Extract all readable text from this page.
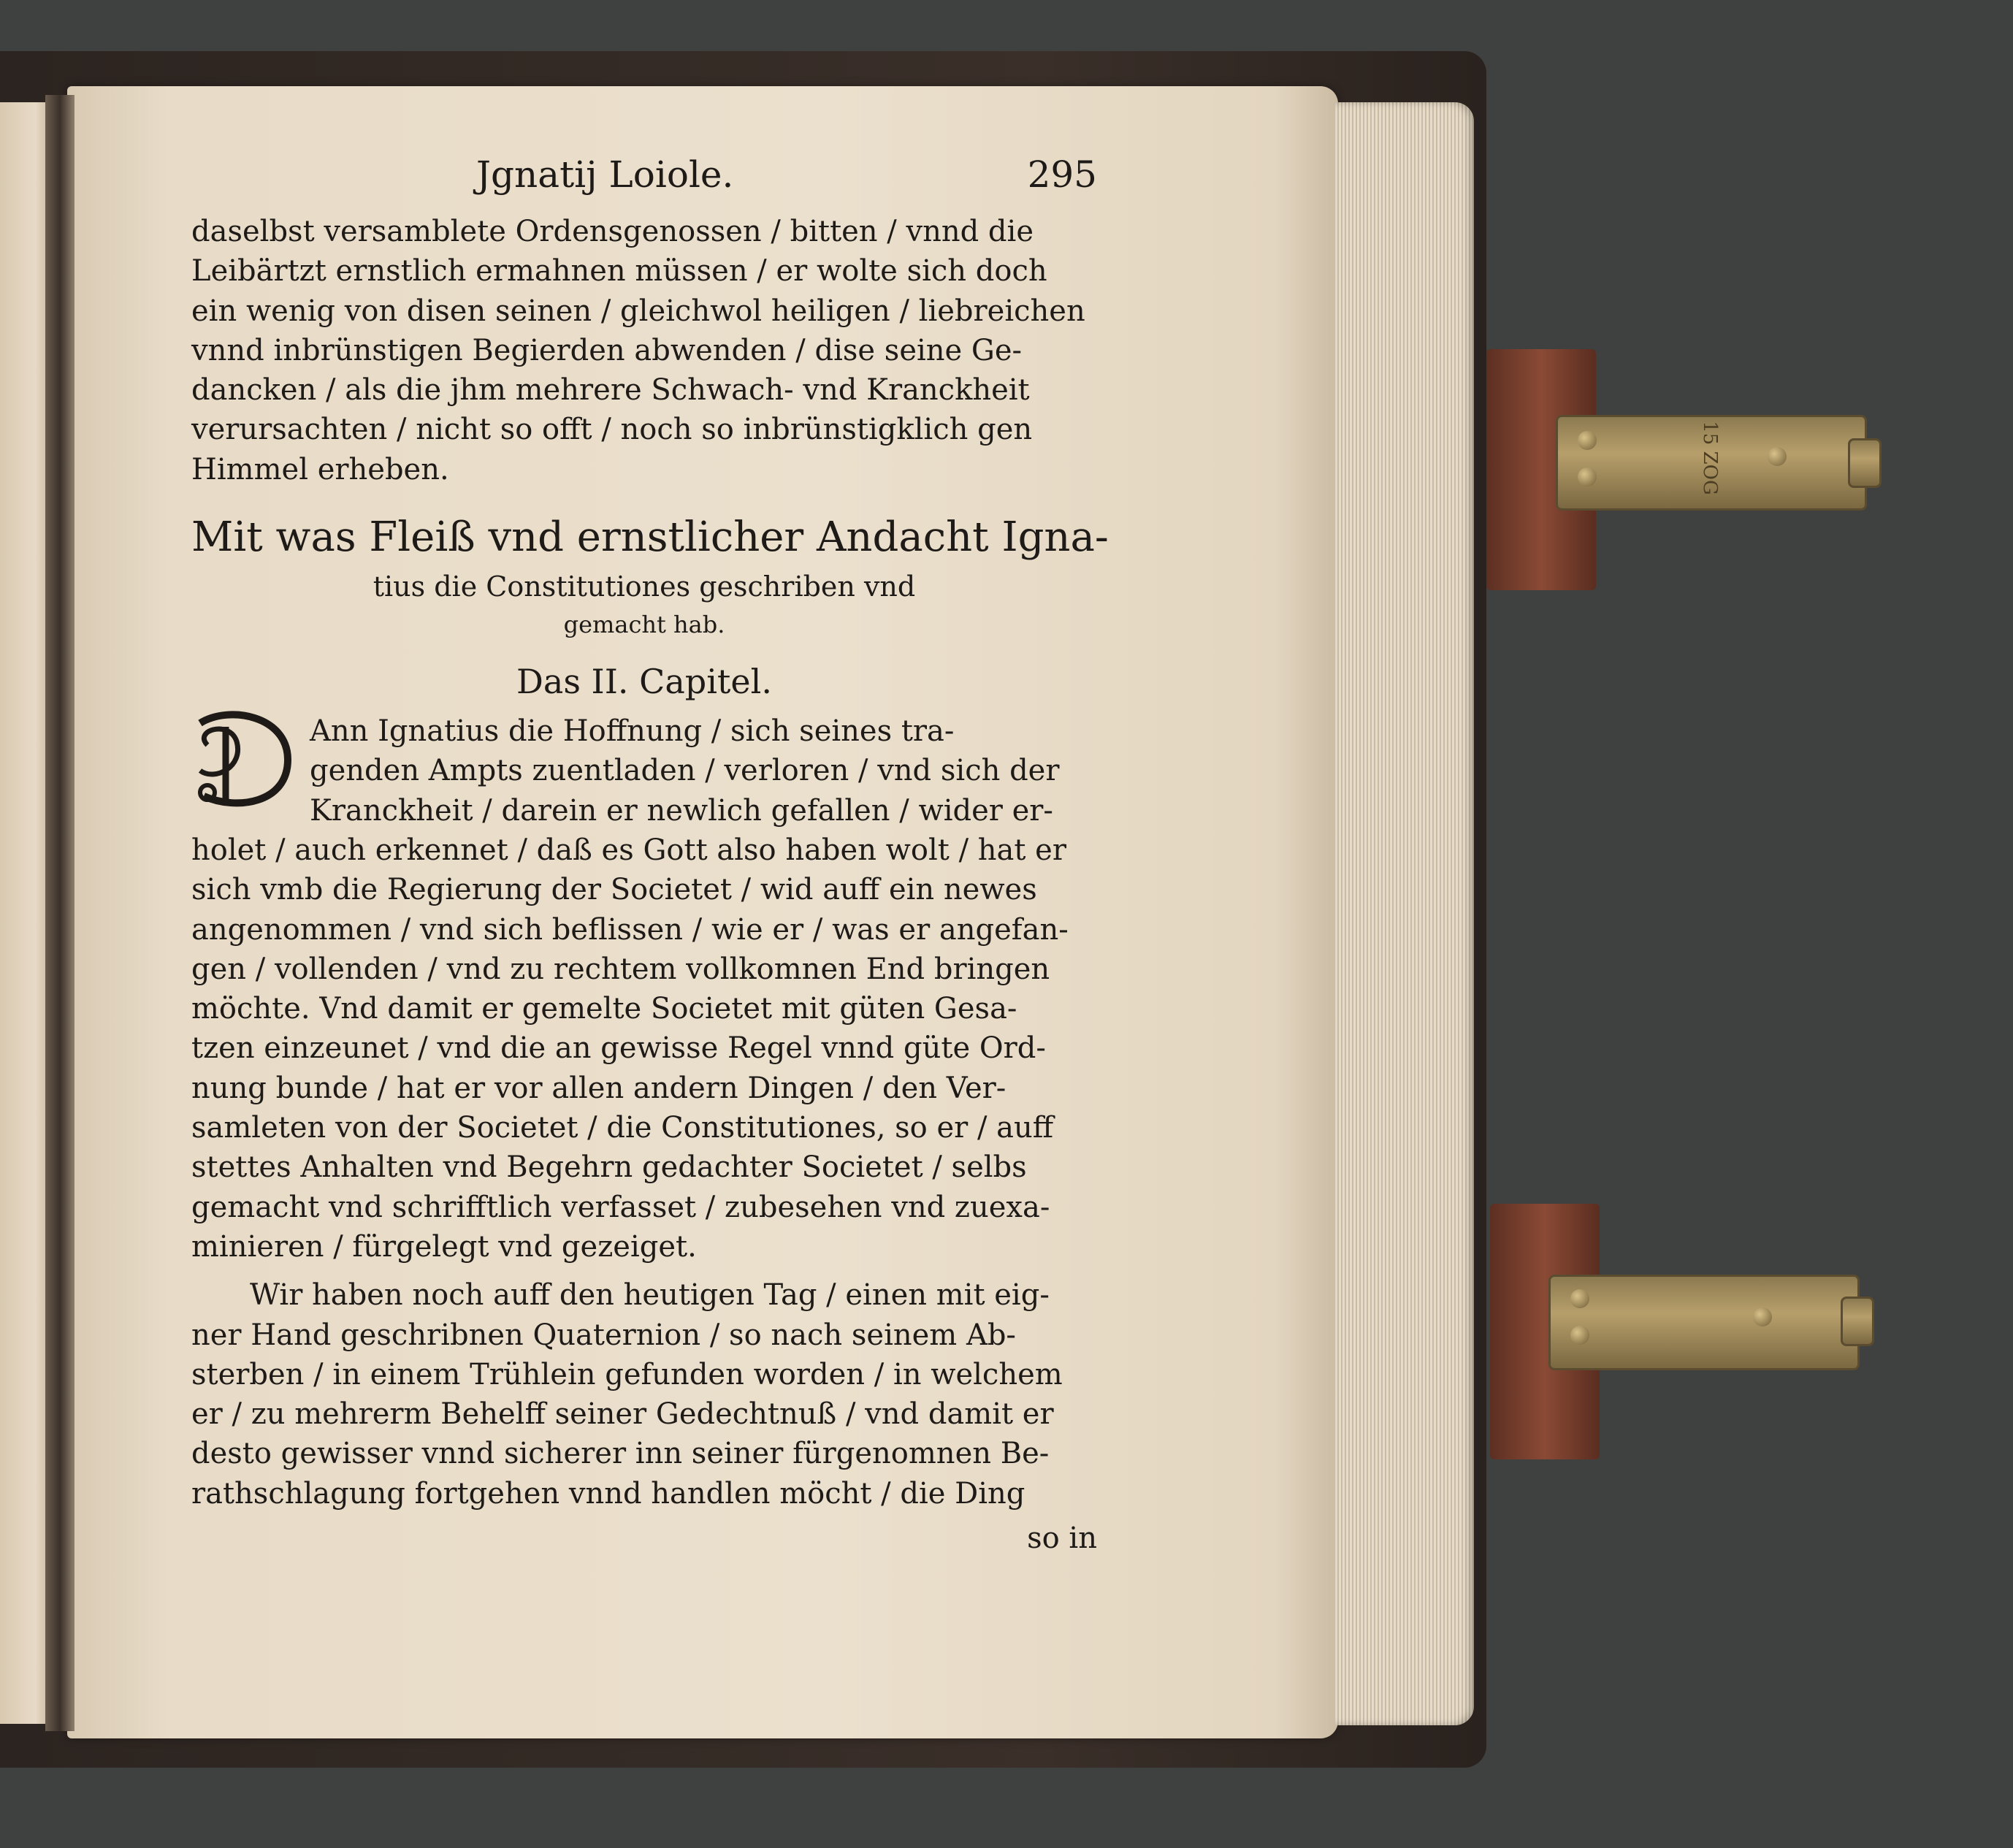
15 ZOG
Jgnatij Loiole.	295
daselbst versamblete Ordensgenossen / bitten / vnnd die
Leibärtzt ernstlich ermahnen müssen / er wolte sich doch
ein wenig von disen seinen / gleichwol heiligen / liebreichen
vnnd inbrünstigen Begierden abwenden / dise seine Ge-
dancken / als die jhm mehrere Schwach- vnd Kranckheit
verursachten / nicht so offt / noch so inbrünstigklich gen
Himmel erheben.
Mit was Fleiß vnd ernstlicher Andacht Igna-
tius die Constitutiones geschriben vnd
gemacht hab.
Das II. Capitel.
Ann Ignatius die Hoffnung / sich seines tra-
genden Ampts zuentladen / verloren / vnd sich der
Kranckheit / darein er newlich gefallen / wider er-
holet / auch erkennet / daß es Gott also haben wolt / hat er
sich vmb die Regierung der Societet / wid auff ein newes
angenommen / vnd sich beflissen / wie er / was er angefan-
gen / vollenden / vnd zu rechtem vollkomnen End bringen
möchte. Vnd damit er gemelte Societet mit güten Gesa-
tzen einzeunet / vnd die an gewisse Regel vnnd güte Ord-
nung bunde / hat er vor allen andern Dingen / den Ver-
samleten von der Societet / die Constitutiones, so er / auff
stettes Anhalten vnd Begehrn gedachter Societet / selbs
gemacht vnd schrifftlich verfasset / zubesehen vnd zuexa-
minieren / fürgelegt vnd gezeiget.
Wir haben noch auff den heutigen Tag / einen mit eig-
ner Hand geschribnen Quaternion / so nach seinem Ab-
sterben / in einem Trühlein gefunden worden / in welchem
er / zu mehrerm Behelff seiner Gedechtnuß / vnd damit er
desto gewisser vnnd sicherer inn seiner fürgenomnen Be-
rathschlagung fortgehen vnnd handlen möcht / die Ding
so in
